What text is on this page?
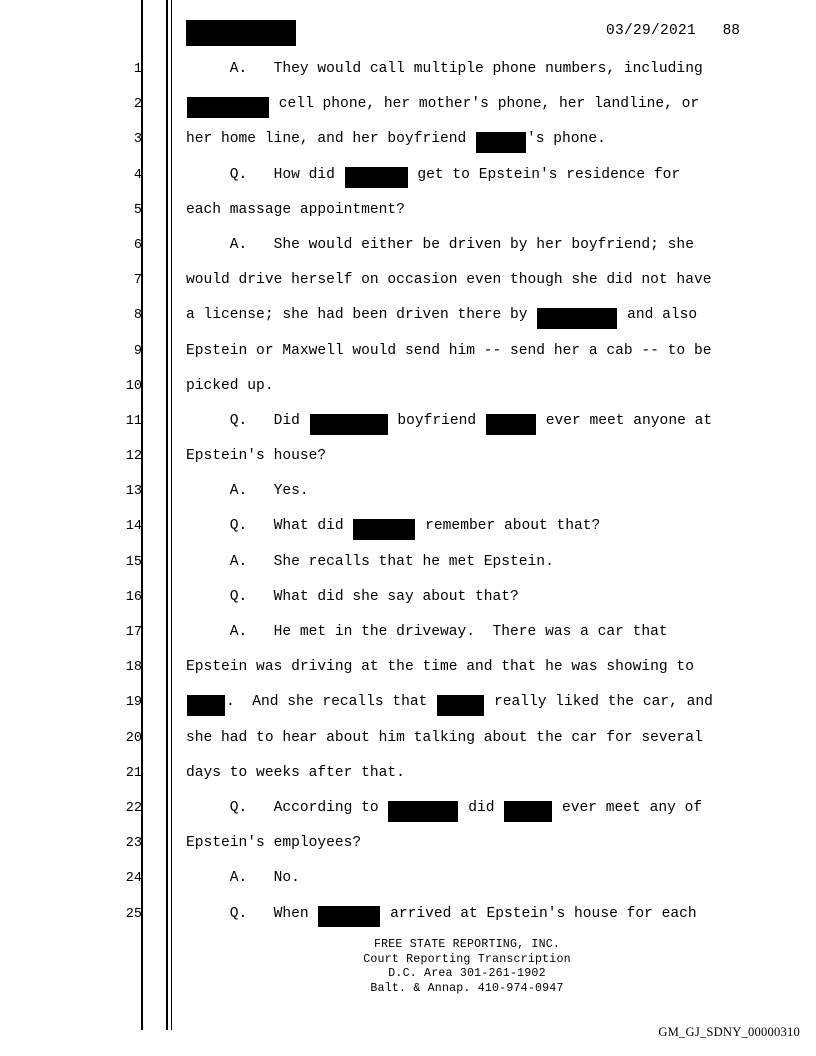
03/29/2021 88
1	A.   They would call multiple phone numbers, including
2	cell phone, her mother's phone, her landline, or
3	her home line, and her boyfriend	's phone.
4	Q.   How did	get to Epstein's residence for
5	each massage appointment?
6	A.   She would either be driven by her boyfriend; she
7	would drive herself on occasion even though she did not have
8	a license; she had been driven there by	and also
9	Epstein or Maxwell would send him -- send her a cab -- to be
10	picked up.
11	Q.   Did	boyfriend	ever meet anyone at
12	Epstein's house?
13	A.   Yes.
14	Q.   What did	remember about that?
15	A.   She recalls that he met Epstein.
16	Q.   What did she say about that?
17	A.   He met in the driveway.  There was a car that
18	Epstein was driving at the time and that he was showing to
19	.  And she recalls that	really liked the car, and
20	she had to hear about him talking about the car for several
21	days to weeks after that.
22	Q.   According to	did	ever meet any of
23	Epstein's employees?
24	A.   No.
25	Q.   When	arrived at Epstein's house for each
FREE STATE REPORTING, INC.
Court Reporting Transcription
D.C. Area 301-261-1902
Balt. & Annap. 410-974-0947
GM_GJ_SDNY_00000310
